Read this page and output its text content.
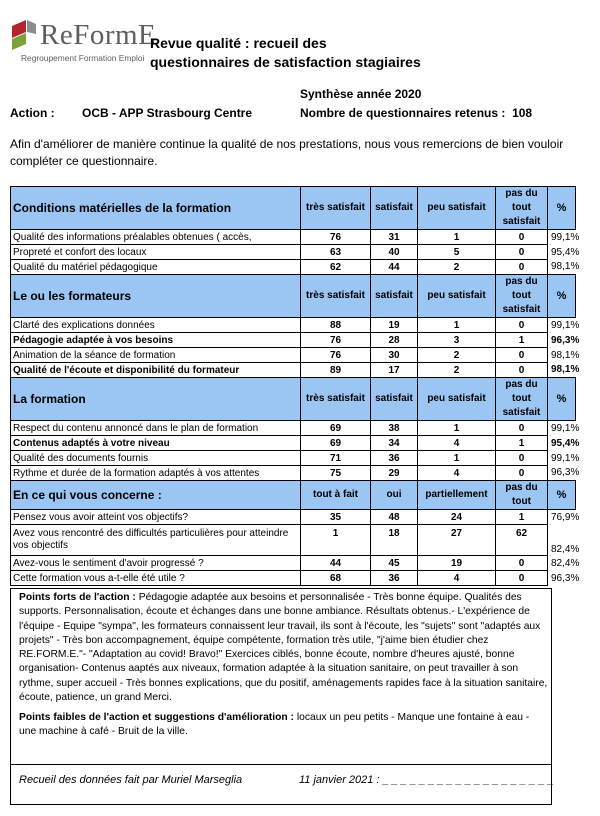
ReFormE
Regroupement Formation Emploi
Revue qualité : recueil des
questionnaires de satisfaction stagiaires
Synthèse année 2020
Action : OCB - APP Strasbourg Centre	Nombre de questionnaires retenus : 108
Afin d'améliorer de manière continue la qualité de nos prestations, nous vous remercions de bien vouloir compléter ce questionnaire.
Conditions matérielles de la formation	très satisfait	satisfait	peu satisfait	pas du tout satisfait	%
Qualité des informations préalables obtenues ( accès,	76	31	1	0	99,1%
Propreté et confort des locaux	63	40	5	0	95,4%
Qualité du matériel pédagogique	62	44	2	0	98,1%
Le ou les formateurs	très satisfait	satisfait	peu satisfait	pas du tout satisfait	%
Clarté des explications données	88	19	1	0	99,1%
Pédagogie adaptée à vos besoins	76	28	3	1	96,3%
Animation de la séance de formation	76	30	2	0	98,1%
Qualité de l'écoute et disponibilité du formateur	89	17	2	0	98,1%
La formation	très satisfait	satisfait	peu satisfait	pas du tout satisfait	%
Respect du contenu annoncé dans le plan de formation	69	38	1	0	99,1%
Contenus adaptés à votre niveau	69	34	4	1	95,4%
Qualité des documents fournis	71	36	1	0	99,1%
Rythme et durée de la formation adaptés à vos attentes	75	29	4	0	96,3%
En ce qui vous concerne :	tout à fait	oui	partiellement	pas du tout	%
Pensez vous avoir atteint vos objectifs?	35	48	24	1	76,9%
Avez vous rencontré des difficultés particulières pour atteindre vos objectifs	1	18	27	62	82,4%
Avez-vous le sentiment d'avoir progressé ?	44	45	19	0	82,4%
Cette formation vous a-t-elle été utile ?	68	36	4	0	96,3%
Points forts de l'action : Pédagogie adaptée aux besoins et personnalisée - Très bonne équipe. Qualités des supports. Personnalisation, écoute et échanges dans une bonne ambiance. Résultats obtenus.- L'expérience de l'équipe - Equipe "sympa", les formateurs connaissent leur travail, ils sont à l'écoute, les "sujets" sont "adaptés aux projets" - Très bon accompagnement, équipe compétente, formation très utile, "j'aime bien étudier chez RE.FORM.E."- "Adaptation au covid! Bravo!" Exercices ciblés, bonne écoute, nombre d'heures ajusté, bonne organisation- Contenus aaptés aux niveaux, formation adaptée à la situation sanitaire, on peut travailler à son rythme, super accueil - Très bonnes explications, que du positif, aménagements rapides face à la situation sanitaire, écoute, patience, un grand Merci.
Points faibles de l'action et suggestions d'amélioration : locaux un peu petits - Manque une fontaine à eau - une machine à café - Bruit de la ville.
Recueil des données fait par Muriel Marseglia	11 janvier 2021 : _ _ _ _ _ _ _ _ _ _ _ _ _ _ _ _ _ _ _
